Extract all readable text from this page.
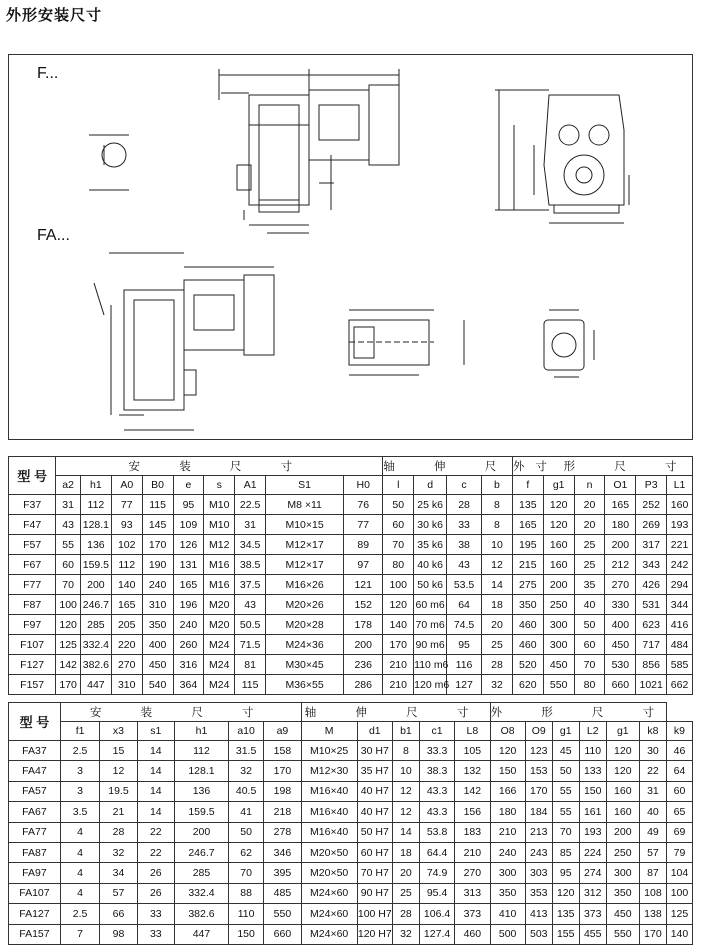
外形安装尺寸
F...
FA...
型 号	安 装 尺 寸									轴 伸 尺 寸				外 形 尺 寸					
	a2	h1	A0	B0	e	s	A1	S1	H0	l	d	c	b	f	g1	n	O1	P3	L1
F37	31	112	77	115	95	M10	22.5	M8 ×11	76	50	25 k6	28	8	135	120	20	165	252	160
F47	43	128.1	93	145	109	M10	31	M10×15	77	60	30 k6	33	8	165	120	20	180	269	193
F57	55	136	102	170	126	M12	34.5	M12×17	89	70	35 k6	38	10	195	160	25	200	317	221
F67	60	159.5	112	190	131	M16	38.5	M12×17	97	80	40 k6	43	12	215	160	25	212	343	242
F77	70	200	140	240	165	M16	37.5	M16×26	121	100	50 k6	53.5	14	275	200	35	270	426	294
F87	100	246.7	165	310	196	M20	43	M20×26	152	120	60 m6	64	18	350	250	40	330	531	344
F97	120	285	205	350	240	M20	50.5	M20×28	178	140	70 m6	74.5	20	460	300	50	400	623	416
F107	125	332.4	220	400	260	M24	71.5	M24×36	200	170	90 m6	95	25	460	300	60	450	717	484
F127	142	382.6	270	450	316	M24	81	M30×45	236	210	110 m6	116	28	520	450	70	530	856	585
F157	170	447	310	540	364	M24	115	M36×55	286	210	120 m6	127	32	620	550	80	660	1021	662
型 号	安 装 尺 寸						轴 伸 尺 寸					外 形 尺 寸						
	f1	x3	s1	h1	a10	a9	M	d1	b1	c1	L8	O8	O9	g1	L2	g1	k8	k9
FA37	2.5	15	14	112	31.5	158	M10×25	30 H7	8	33.3	105	120	123	45	110	120	30	46
FA47	3	12	14	128.1	32	170	M12×30	35 H7	10	38.3	132	150	153	50	133	120	22	64
FA57	3	19.5	14	136	40.5	198	M16×40	40 H7	12	43.3	142	166	170	55	150	160	31	60
FA67	3.5	21	14	159.5	41	218	M16×40	40 H7	12	43.3	156	180	184	55	161	160	40	65
FA77	4	28	22	200	50	278	M16×40	50 H7	14	53.8	183	210	213	70	193	200	49	69
FA87	4	32	22	246.7	62	346	M20×50	60 H7	18	64.4	210	240	243	85	224	250	57	79
FA97	4	34	26	285	70	395	M20×50	70 H7	20	74.9	270	300	303	95	274	300	87	104
FA107	4	57	26	332.4	88	485	M24×60	90 H7	25	95.4	313	350	353	120	312	350	108	100
FA127	2.5	66	33	382.6	110	550	M24×60	100 H7	28	106.4	373	410	413	135	373	450	138	125
FA157	7	98	33	447	150	660	M24×60	120 H7	32	127.4	460	500	503	155	455	550	170	140
